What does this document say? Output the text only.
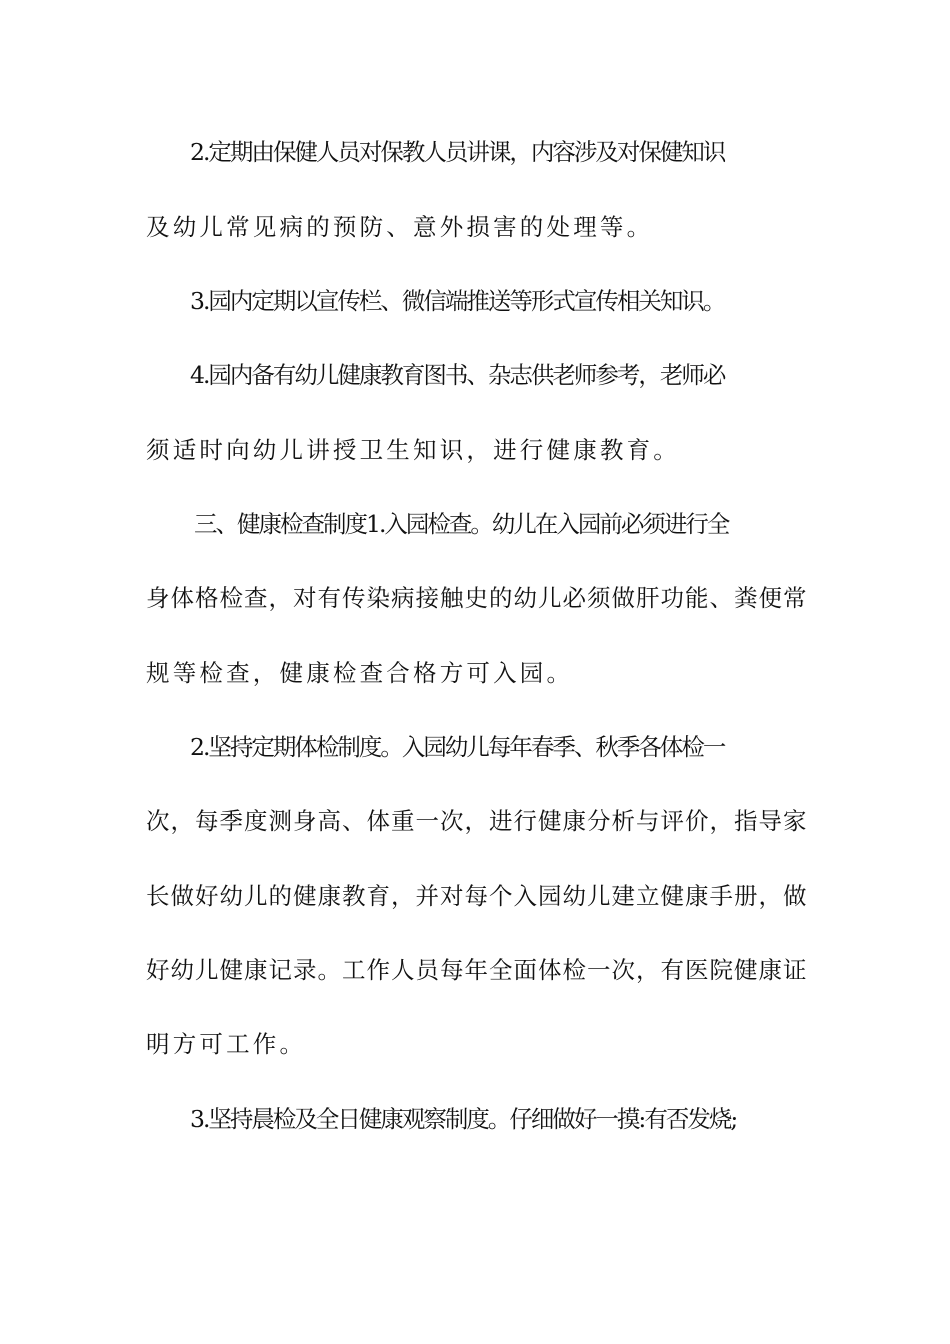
2.定期由保健人员对保教人员讲课，内容涉及对保健知识
及幼儿常见病的预防、意外损害的处理等。
3.园内定期以宣传栏、微信端推送等形式宣传相关知识。
4.园内备有幼儿健康教育图书、杂志供老师参考，老师必
须适时向幼儿讲授卫生知识，进行健康教育。
三、健康检查制度1.入园检查。幼儿在入园前必须进行全
身体格检查，对有传染病接触史的幼儿必须做肝功能、粪便常
规等检查，健康检查合格方可入园。
2.坚持定期体检制度。入园幼儿每年春季、秋季各体检一
次，每季度测身高、体重一次，进行健康分析与评价，指导家
长做好幼儿的健康教育，并对每个入园幼儿建立健康手册，做
好幼儿健康记录。工作人员每年全面体检一次，有医院健康证
明方可工作。
3.坚持晨检及全日健康观察制度。仔细做好一摸:有否发烧;
